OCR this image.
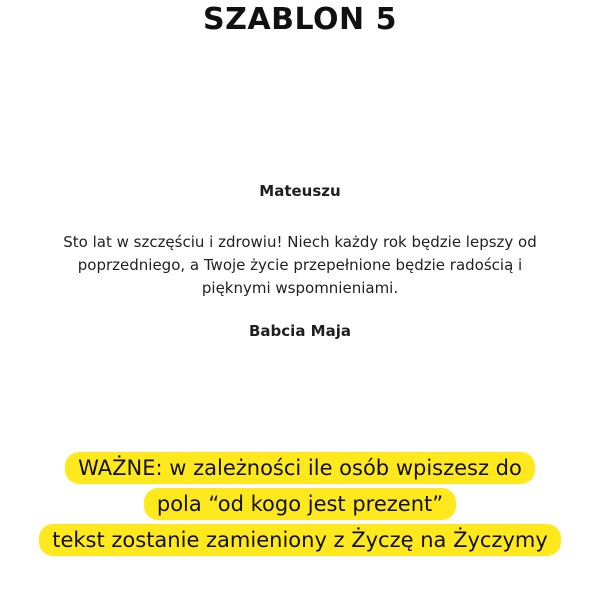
SZABLON 5

Mateuszu

Sto lat w szczęściu i zdrowiu! Niech każdy rok będzie lepszy od
poprzedniego, a Twoje życie przepełnione będzie radością i
pięknymi wspomnieniami.

Babcia Maja

WAŻNE: w zależności ile osób wpiszesz do
pola “od kogo jest prezent”
tekst zostanie zamieniony z Życzę na Życzymy
